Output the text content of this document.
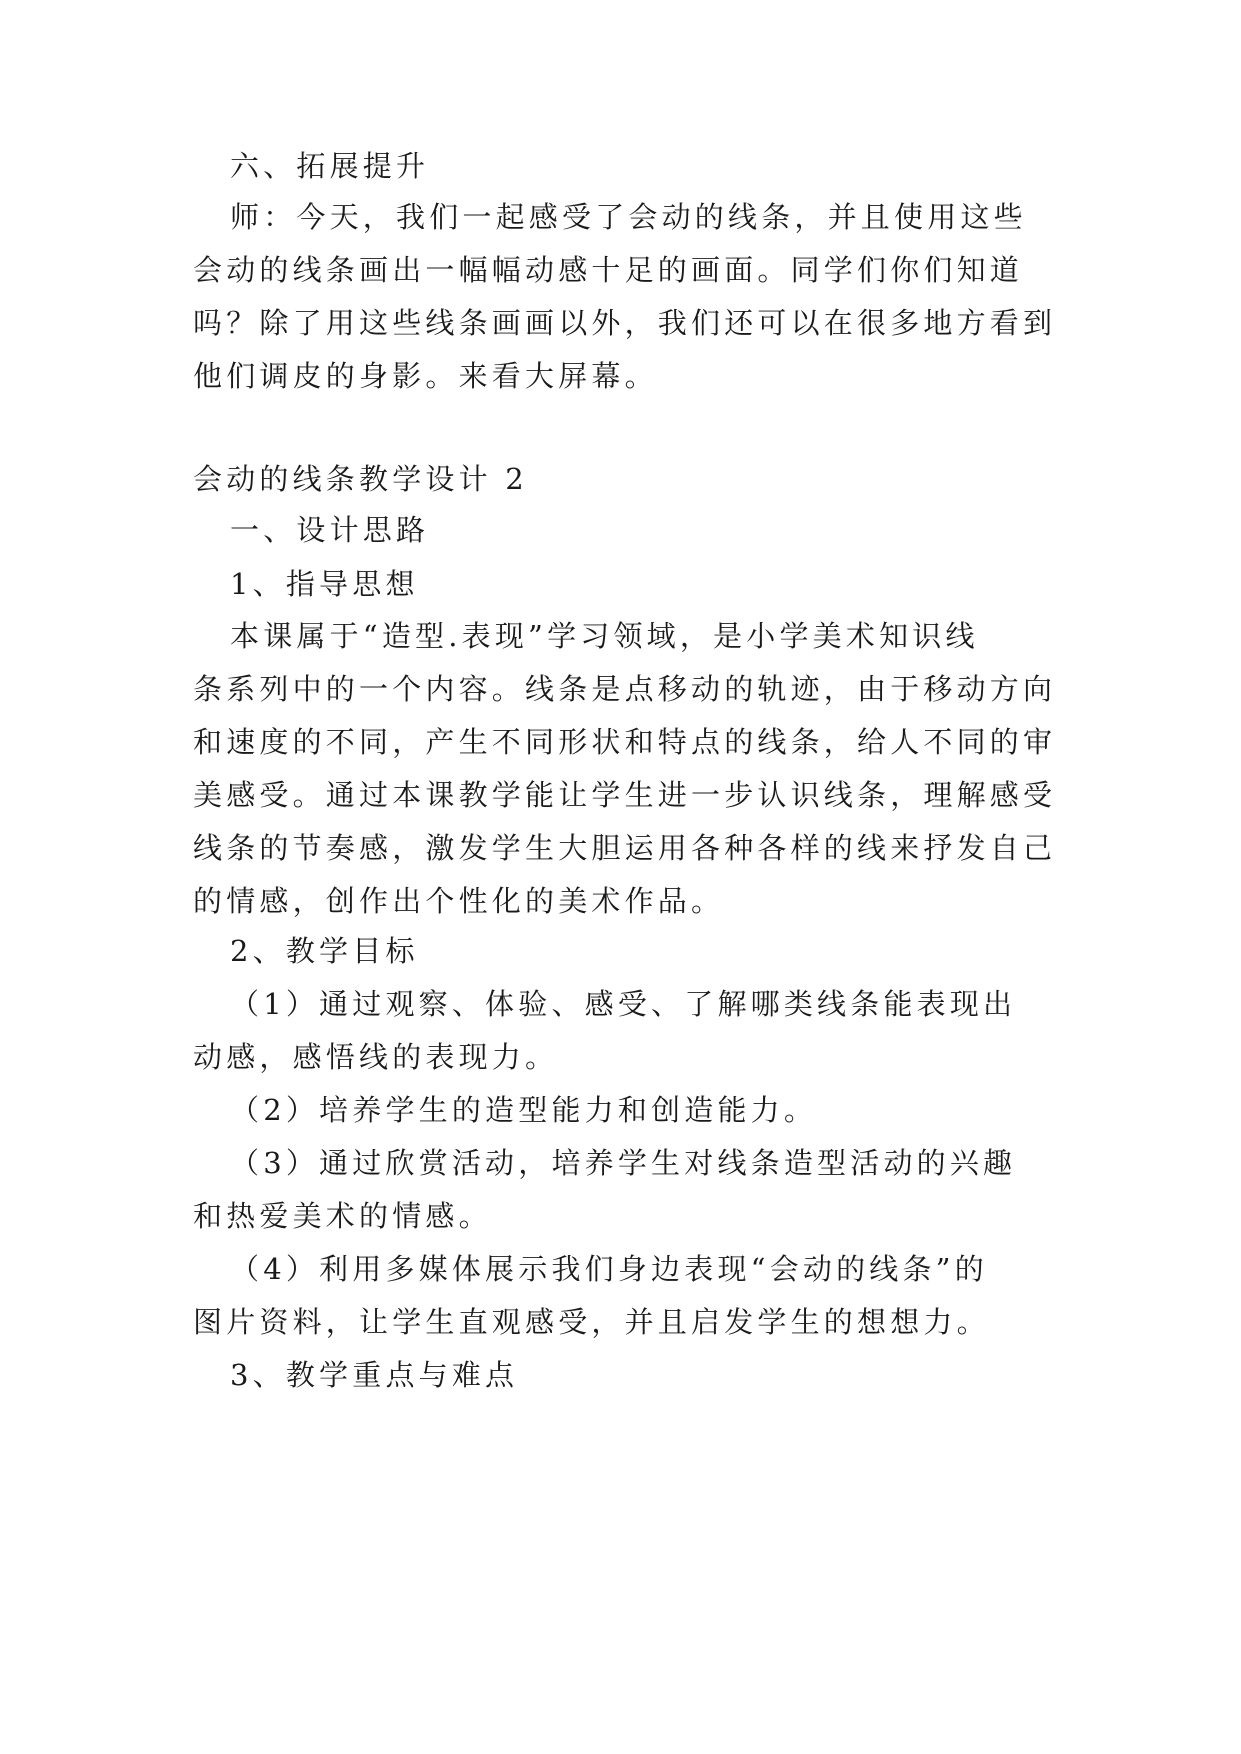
六、拓展提升
师：今天，我们一起感受了会动的线条，并且使用这些
会动的线条画出一幅幅动感十足的画面。同学们你们知道
吗？除了用这些线条画画以外，我们还可以在很多地方看到
他们调皮的身影。来看大屏幕。
会动的线条教学设计 2
一、设计思路
1、指导思想
本课属于“造型.表现”学习领域，是小学美术知识线
条系列中的一个内容。线条是点移动的轨迹，由于移动方向
和速度的不同，产生不同形状和特点的线条，给人不同的审
美感受。通过本课教学能让学生进一步认识线条，理解感受
线条的节奏感，激发学生大胆运用各种各样的线来抒发自己
的情感，创作出个性化的美术作品。
2、教学目标
（1）通过观察、体验、感受、了解哪类线条能表现出
动感，感悟线的表现力。
（2）培养学生的造型能力和创造能力。
（3）通过欣赏活动，培养学生对线条造型活动的兴趣
和热爱美术的情感。
（4）利用多媒体展示我们身边表现“会动的线条”的
图片资料，让学生直观感受，并且启发学生的想想力。
3、教学重点与难点
